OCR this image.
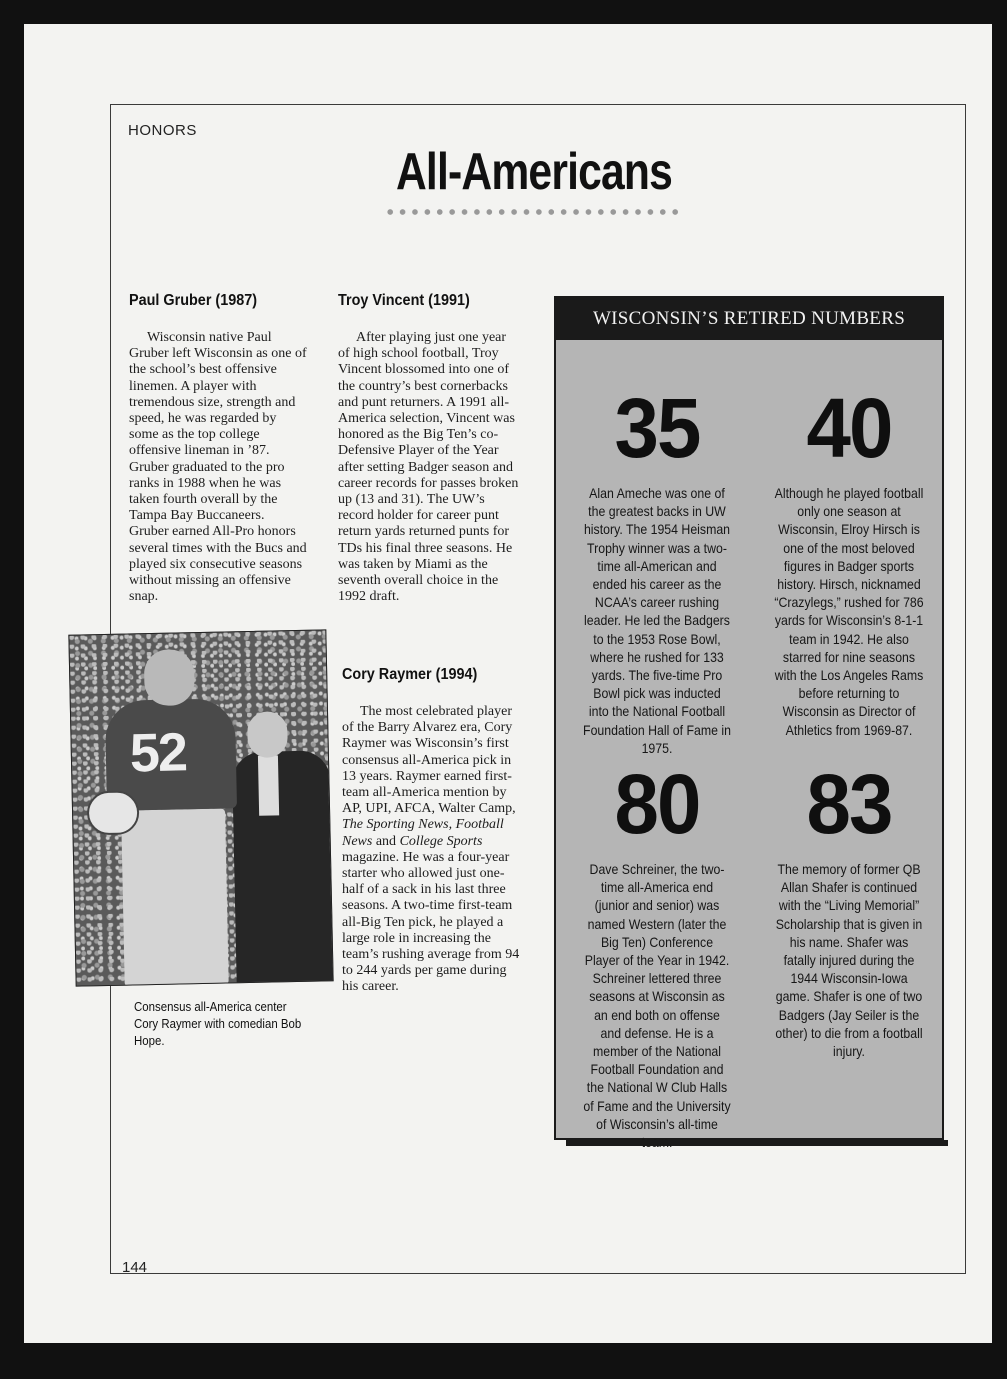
HONORS
All-Americans
Paul Gruber (1987)

Wisconsin native Paul Gruber left Wisconsin as one of the school’s best offensive linemen. A player with tremendous size, strength and speed, he was regarded by some as the top college offensive lineman in ’87. Gruber graduated to the pro ranks in 1988 when he was taken fourth overall by the Tampa Bay Buccaneers. Gruber earned All-Pro honors several times with the Bucs and played six consecutive seasons without missing an offensive snap.

Troy Vincent (1991)

After playing just one year of high school football, Troy Vincent blossomed into one of the country’s best cornerbacks and punt returners. A 1991 all-America selection, Vincent was honored as the Big Ten’s co-Defensive Player of the Year after setting Badger season and career records for passes broken up (13 and 31). The UW’s record holder for career punt return yards returned punts for TDs his final three seasons. He was taken by Miami as the seventh overall choice in the 1992 draft.

52
Consensus all-America center Cory Raymer with comedian Bob Hope.
Cory Raymer (1994)

The most celebrated player of the Barry Alvarez era, Cory Raymer was Wisconsin’s first consensus all-America pick in 13 years. Raymer earned first-team all-America mention by AP, UPI, AFCA, Walter Camp, The Sporting News, Football News and College Sports magazine. He was a four-year starter who allowed just one-half of a sack in his last three seasons. A two-time first-team all-Big Ten pick, he played a large role in increasing the team’s rushing average from 94 to 244 yards per game during his career.

WISCONSIN’S RETIRED NUMBERS
35
Alan Ameche was one of the greatest backs in UW history. The 1954 Heisman Trophy winner was a two-time all-American and ended his career as the NCAA’s career rushing leader. He led the Badgers to the 1953 Rose Bowl, where he rushed for 133 yards. The five-time Pro Bowl pick was inducted into the National Football Foundation Hall of Fame in 1975.
40
Although he played football only one season at Wisconsin, Elroy Hirsch is one of the most beloved figures in Badger sports history. Hirsch, nicknamed “Crazylegs,” rushed for 786 yards for Wisconsin’s 8-1-1 team in 1942. He also starred for nine seasons with the Los Angeles Rams before returning to Wisconsin as Director of Athletics from 1969-87.
80
Dave Schreiner, the two-time all-America end (junior and senior) was named Western (later the Big Ten) Conference Player of the Year in 1942. Schreiner lettered three seasons at Wisconsin as an end both on offense and defense. He is a member of the National Football Foundation and the National W Club Halls of Fame and the University of Wisconsin’s all-time
83
The memory of former QB Allan Shafer is continued with the “Living Memorial” Scholarship that is given in his name. Shafer was fatally injured during the 1944 Wisconsin-Iowa game. Shafer is one of two Badgers (Jay Seiler is the other) to die from a football injury.
144
